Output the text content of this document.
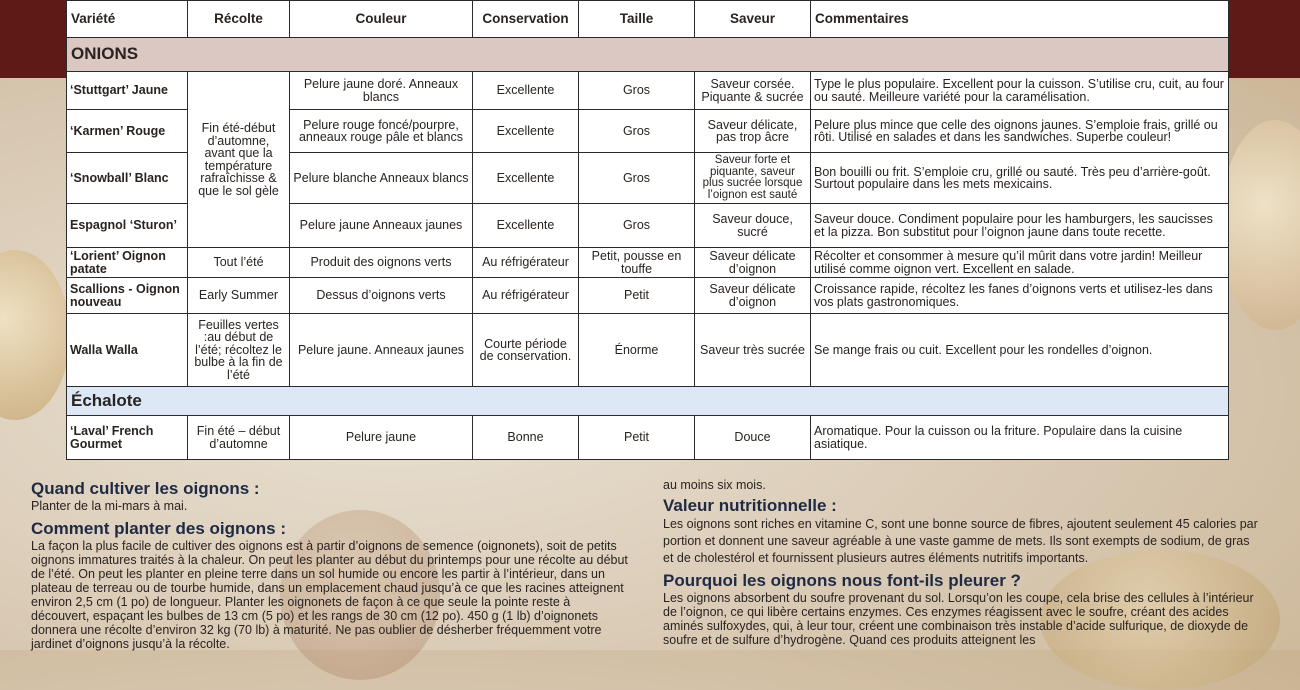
Variété	Récolte	Couleur	Conservation	Taille	Saveur	Commentaires
ONIONS						
‘Stuttgart’ Jaune	Fin été-début d’automne, avant que la température rafraîchisse & que le sol gèle	Pelure jaune doré. Anneaux blancs	Excellente	Gros	Saveur corsée. Piquante & sucrée	Type le plus populaire. Excellent pour la cuisson. S’utilise cru, cuit, au four ou sauté. Meilleure variété pour la caramélisation.
‘Karmen’ Rouge		Pelure rouge foncé/pourpre, anneaux rouge pâle et blancs	Excellente	Gros	Saveur délicate, pas trop âcre	Pelure plus mince que celle des oignons jaunes. S’emploie frais, grillé ou rôti. Utilisé en salades et dans les sandwiches. Superbe couleur!
‘Snowball’ Blanc		Pelure blanche Anneaux blancs	Excellente	Gros	Saveur forte et piquante, saveur plus sucrée lorsque l’oignon est sauté	Bon bouilli ou frit. S’emploie cru, grillé ou sauté. Très peu d’arrière-goût. Surtout populaire dans les mets mexicains.
Espagnol ‘Sturon’		Pelure jaune Anneaux jaunes	Excellente	Gros	Saveur douce, sucré	Saveur douce. Condiment populaire pour les hamburgers, les saucisses et la pizza. Bon substitut pour l’oignon jaune dans toute recette.
‘Lorient’ Oignon patate	Tout l’été	Produit des oignons verts	Au réfrigérateur	Petit, pousse en touffe	Saveur délicate d’oignon	Récolter et consommer à mesure qu’il mûrit dans votre jardin! Meilleur utilisé comme oignon vert. Excellent en salade.
Scallions - Oignon nouveau	Early Summer	Dessus d’oignons verts	Au réfrigérateur	Petit	Saveur délicate d’oignon	Croissance rapide, récoltez les fanes d’oignons verts et utilisez-les dans vos plats gastronomiques.
Walla Walla	Feuilles vertes :au début de l’été; récoltez le bulbe à la fin de l’été	Pelure jaune. Anneaux jaunes	Courte période de conservation.	Énorme	Saveur très sucrée	Se mange frais ou cuit. Excellent pour les rondelles d’oignon.
Échalote						
‘Laval’ French Gourmet	Fin été – début d’automne	Pelure jaune	Bonne	Petit	Douce	Aromatique. Pour la cuisson ou la friture. Populaire dans la cuisine asiatique.
Quand cultiver les oignons :

Planter de la mi-mars à mai.

Comment planter des oignons :

La façon la plus facile de cultiver des oignons est à partir d’oignons de semence (oignonets), soit de petits oignons immatures traités à la chaleur. On peut les planter au début du printemps pour une récolte au début de l’été. On peut les planter en pleine terre dans un sol humide ou encore les partir à l’intérieur, dans un plateau de terreau ou de tourbe humide, dans un emplacement chaud jusqu’à ce que les racines atteignent environ 2,5 cm (1 po) de longueur. Planter les oignonets de façon à ce que seule la pointe reste à découvert, espaçant les bulbes de 13 cm (5 po) et les rangs de 30 cm (12 po). 450 g (1 lb) d’oignonets donnera une récolte d’environ 32 kg (70 lb) à maturité. Ne pas oublier de désherber fréquemment votre jardinet d’oignons jusqu’à la récolte.

au moins six mois.

Valeur nutritionnelle :

Les oignons sont riches en vitamine C, sont une bonne source de fibres, ajoutent seulement 45 calories par portion et donnent une saveur agréable à une vaste gamme de mets. Ils sont exempts de sodium, de gras et de cholestérol et fournissent plusieurs autres éléments nutritifs importants.

Pourquoi les oignons nous font-ils pleurer ?

Les oignons absorbent du soufre provenant du sol. Lorsqu’on les coupe, cela brise des cellules à l’intérieur de l’oignon, ce qui libère certains enzymes. Ces enzymes réagissent avec le soufre, créant des acides aminés sulfoxydes, qui, à leur tour, créent une combinaison très instable d’acide sulfurique, de dioxyde de soufre et de sulfure d’hydrogène. Quand ces produits atteignent les
